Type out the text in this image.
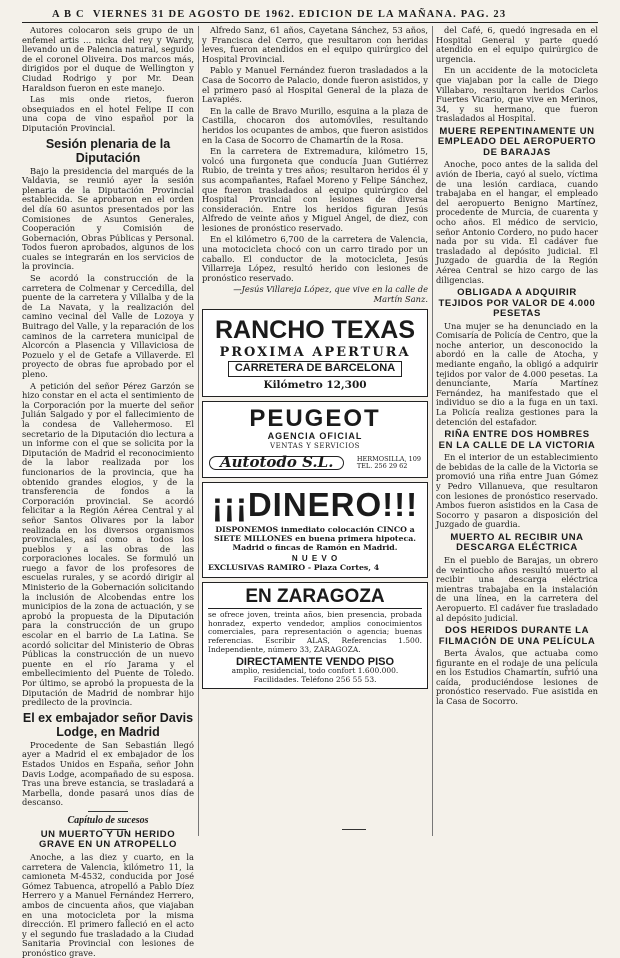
A B C VIERNES 31 DE AGOSTO DE 1962. EDICION DE LA MAÑANA. PAG. 23

Autores colocaron seis grupo de un enfemel artis ... nicka del rey y Wardy, llevando un de Palencia natural, seguido de el coronel Oliveira. Dos marcos más, dirigidos por el duque de Wellington y Ciudad Rodrigo y por Mr. Dean Haraldson fueron en este manejo.

Las mis onde rietos, fueron obsequiados en el hotel Felipe II con una copa de vino español por la Diputación Provincial.

Sesión plenaria de la Diputación

Bajo la presidencia del marqués de la Valdavia, se reunió ayer la sesión plenaria de la Diputación Provincial establecida. Se aprobaron en el orden del día 60 asuntos presentados por las Comisiones de Asuntos Generales, Cooperación y Comisión de Gobernación, Obras Públicas y Personal. Todos fueron aprobados, algunos de los cuales se integrarán en los servicios de la provincia.

Se acordó la construcción de la carretera de Colmenar y Cercedilla, del puente de la carretera y Villalba y de la de La Navata, y la realización del camino vecinal del Valle de Lozoya y Buitrago del Valle, y la reparación de los caminos de la carretera municipal de Alcorcón a Plasencia y Villaviciosa de Pozuelo y el de Getafe a Villaverde. El proyecto de obras fue aprobado por el pleno.

A petición del señor Pérez Garzón se hizo constar en el acta el sentimiento de la Corporación por la muerte del señor Julián Salgado y por el fallecimiento de la condesa de Vallehermoso. El secretario de la Diputación dio lectura a un informe con el que se solicita por la Diputación de Madrid el reconocimiento de la labor realizada por los funcionarios de la provincia, que ha obtenido grandes elogios, y de la transferencia de fondos a la Corporación provincial. Se acordó felicitar a la Región Aérea Central y al señor Santos Olivares por la labor realizada en los diversos organismos provinciales, así como a todos los pueblos y a las obras de las corporaciones locales. Se formuló un ruego a favor de los profesores de escuelas rurales, y se acordó dirigir al Ministerio de la Gobernación solicitando la inclusión de Alcobendas entre los municipios de la zona de actuación, y se aprobó la propuesta de la Diputación para la construcción de un grupo escolar en el barrio de La Latina. Se acordó solicitar del Ministerio de Obras Públicas la construcción de un nuevo puente en el río Jarama y el embellecimiento del Puente de Toledo. Por último, se aprobó la propuesta de la Diputación de Madrid de nombrar hijo predilecto de la provincia.

El ex embajador señor Davis Lodge, en Madrid

Procedente de San Sebastián llegó ayer a Madrid el ex embajador de los Estados Unidos en España, señor John Davis Lodge, acompañado de su esposa. Tras una breve estancia, se trasladará a Marbella, donde pasará unos días de descanso.

Capítulo de sucesos
UN MUERTO Y UN HERIDO GRAVE EN UN ATROPELLO

Anoche, a las diez y cuarto, en la carretera de Valencia, kilómetro 11, la camioneta M-4532, conducida por José Gómez Tabuenca, atropelló a Pablo Díez Herrero y a Manuel Fernández Herrero, ambos de cincuenta años, que viajaban en una motocicleta por la misma dirección. El primero falleció en el acto y el segundo fue trasladado a la Ciudad Sanitaria Provincial con lesiones de pronóstico grave.

Alfredo Sanz, 61 años, Cayetana Sánchez, 53 años, y Francisca del Cerro, que resultaron con heridas leves, fueron atendidos en el equipo quirúrgico del Hospital Provincial.

Pablo y Manuel Fernández fueron trasladados a la Casa de Socorro de Palacio, donde fueron asistidos, y el primero pasó al Hospital General de la plaza de Lavapiés.

En la calle de Bravo Murillo, esquina a la plaza de Castilla, chocaron dos automóviles, resultando heridos los ocupantes de ambos, que fueron asistidos en la Casa de Socorro de Chamartín de la Rosa.

En la carretera de Extremadura, kilómetro 15, volcó una furgoneta que conducía Juan Gutiérrez Rubio, de treinta y tres años; resultaron heridos él y sus acompañantes, Rafael Moreno y Felipe Sánchez, que fueron trasladados al equipo quirúrgico del Hospital Provincial con lesiones de diversa consideración. Entre los heridos figuran Jesús Alfredo de veinte años y Miguel Ángel, de diez, con lesiones de pronóstico reservado.

En el kilómetro 6,700 de la carretera de Valencia, una motocicleta chocó con un carro tirado por un caballo. El conductor de la motocicleta, Jesús Villarreja López, resultó herido con lesiones de pronóstico reservado.

—Jesús Villareja López, que vive en la calle de Martín Sanz.

RANCHO TEXAS
PROXIMA APERTURA
CARRETERA DE BARCELONA
Kilómetro 12,300
PEUGEOT
AGENCIA OFICIAL
VENTAS Y SERVICIOS
Autotodo S.L.	HERMOSILLA, 109
TEL. 256 29 62
¡¡¡DINERO!!!
DISPONEMOS inmediato colocación CINCO a SIETE MILLONES en buena primera hipoteca. Madrid o fincas de Ramón en Madrid.
N U E V O
EXCLUSIVAS RAMIRO - Plaza Cortes, 4
EN ZARAGOZA
se ofrece joven, treinta años, bien presencia, probada honradez, experto vendedor, amplios conocimientos comerciales, para representación o agencia; buenas referencias. Escribir ALAS, Referencias 1.500. Independiente, número 33, ZARAGOZA.
DIRECTAMENTE VENDO PISO
amplio, residencial, todo confort 1.600.000. Facilidades. Teléfono 256 55 53.

del Café, 6, quedó ingresada en el Hospital General y parte quedó atendido en el equipo quirúrgico de urgencia.

En un accidente de la motocicleta que viajaban por la calle de Diego Villabaro, resultaron heridos Carlos Fuertes Vicario, que vive en Merinos, 34, y su hermano, que fueron trasladados al Hospital.

MUERE REPENTINAMENTE UN EMPLEADO DEL AEROPUERTO DE BARAJAS

Anoche, poco antes de la salida del avión de Iberia, cayó al suelo, víctima de una lesión cardiaca, cuando trabajaba en el hangar, el empleado del aeropuerto Benigno Martínez, procedente de Murcia, de cuarenta y ocho años. El médico de servicio, señor Antonio Cordero, no pudo hacer nada por su vida. El cadáver fue trasladado al depósito judicial. El Juzgado de guardia de la Región Aérea Central se hizo cargo de las diligencias.

OBLIGADA A ADQUIRIR TEJIDOS POR VALOR DE 4.000 PESETAS

Una mujer se ha denunciado en la Comisaría de Policía de Centro, que la noche anterior, un desconocido la abordó en la calle de Atocha, y mediante engaño, la obligó a adquirir tejidos por valor de 4.000 pesetas. La denunciante, María Martínez Fernández, ha manifestado que el individuo se dio a la fuga en un taxi. La Policía realiza gestiones para la detención del estafador.

RIÑA ENTRE DOS HOMBRES EN LA CALLE DE LA VICTORIA

En el interior de un establecimiento de bebidas de la calle de la Victoria se promovió una riña entre Juan Gómez y Pedro Villanueva, que resultaron con lesiones de pronóstico reservado. Ambos fueron asistidos en la Casa de Socorro y pasaron a disposición del Juzgado de guardia.

MUERTO AL RECIBIR UNA DESCARGA ELÉCTRICA

En el pueblo de Barajas, un obrero de veintiocho años resultó muerto al recibir una descarga eléctrica mientras trabajaba en la instalación de una línea, en la carretera del Aeropuerto. El cadáver fue trasladado al depósito judicial.

DOS HERIDOS DURANTE LA FILMACIÓN DE UNA PELÍCULA

Berta Ávalos, que actuaba como figurante en el rodaje de una película en los Estudios Chamartín, sufrió una caída, produciéndose lesiones de pronóstico reservado. Fue asistida en la Casa de Socorro.
